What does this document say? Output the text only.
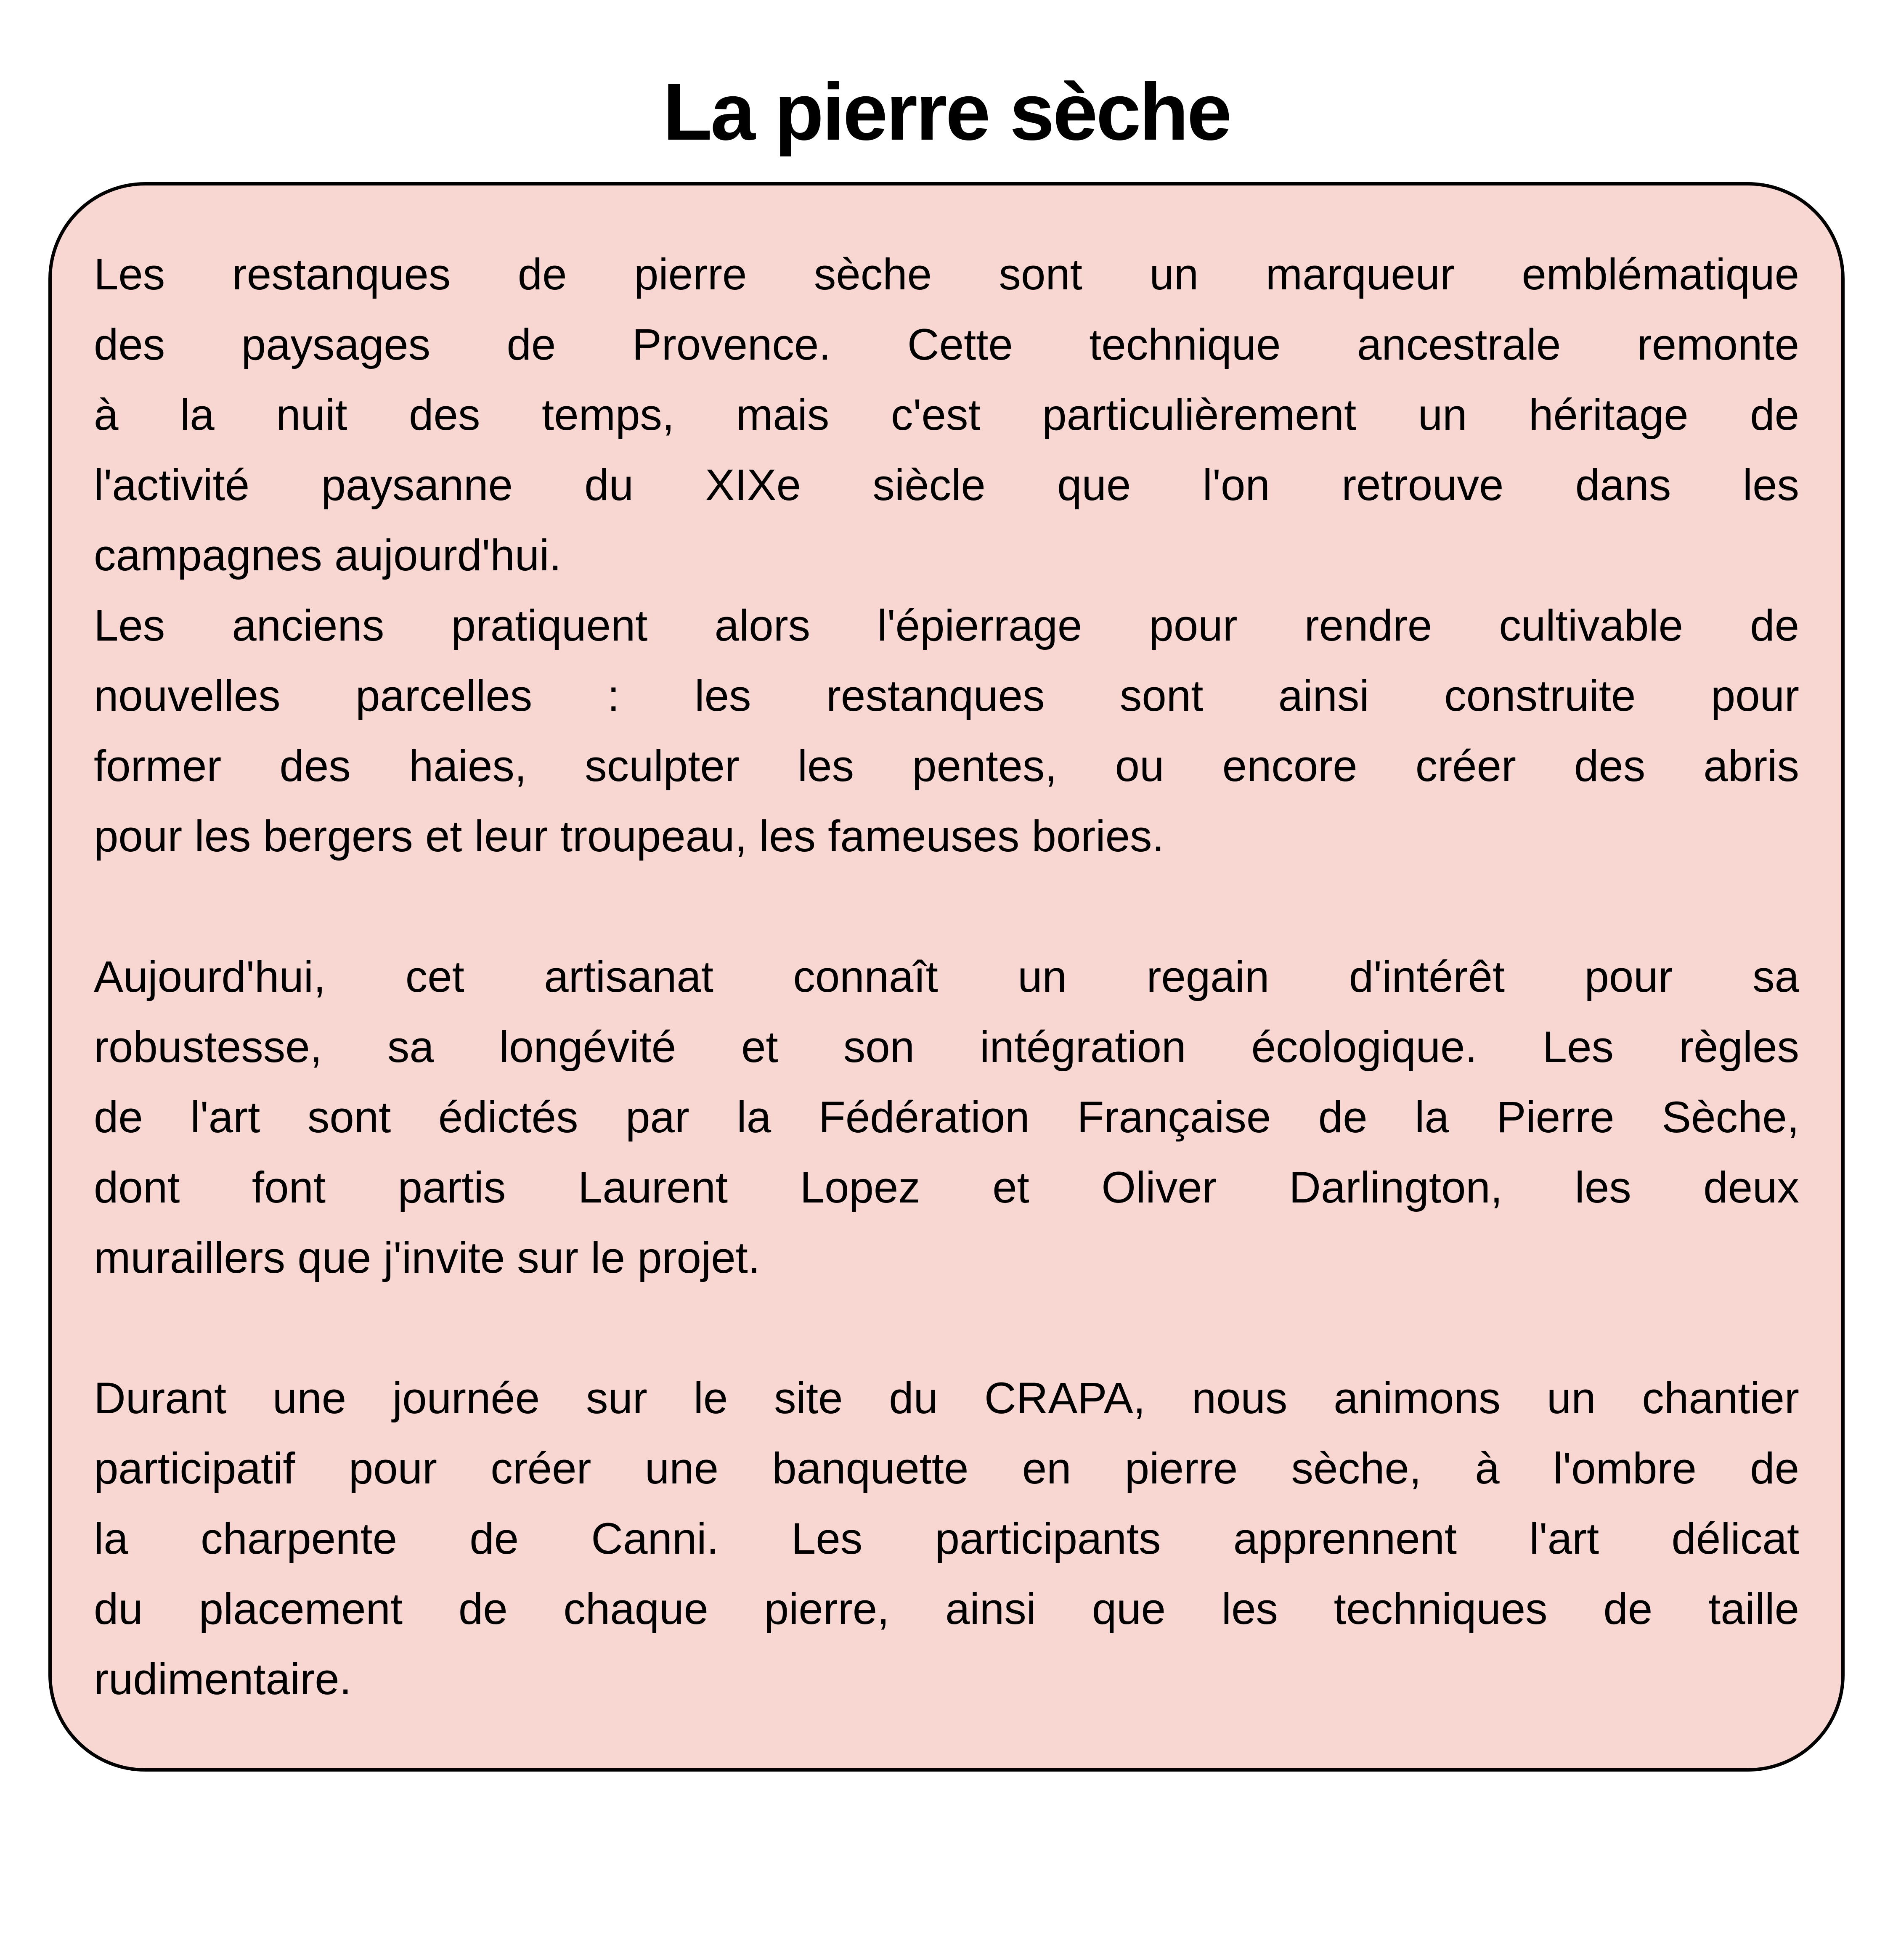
La pierre sèche
Les restanques de pierre sèche sont un marqueur emblématique
des paysages de Provence. Cette technique ancestrale remonte
à la nuit des temps, mais c'est particulièrement un héritage de
l'activité paysanne du XIXe siècle que l'on retrouve dans les
campagnes aujourd'hui.
Les anciens pratiquent alors l'épierrage pour rendre cultivable de
nouvelles parcelles : les restanques sont ainsi construite pour
former des haies, sculpter les pentes, ou encore créer des abris
pour les bergers et leur troupeau, les fameuses bories.
Aujourd'hui, cet artisanat connaît un regain d'intérêt pour sa
robustesse, sa longévité et son intégration écologique. Les règles
de l'art sont édictés par la Fédération Française de la Pierre Sèche,
dont font partis Laurent Lopez et Oliver Darlington, les deux
muraillers que j'invite sur le projet.
Durant une journée sur le site du CRAPA, nous animons un chantier
participatif pour créer une banquette en pierre sèche, à l'ombre de
la charpente de Canni. Les participants apprennent l'art délicat
du placement de chaque pierre, ainsi que les techniques de taille
rudimentaire.
